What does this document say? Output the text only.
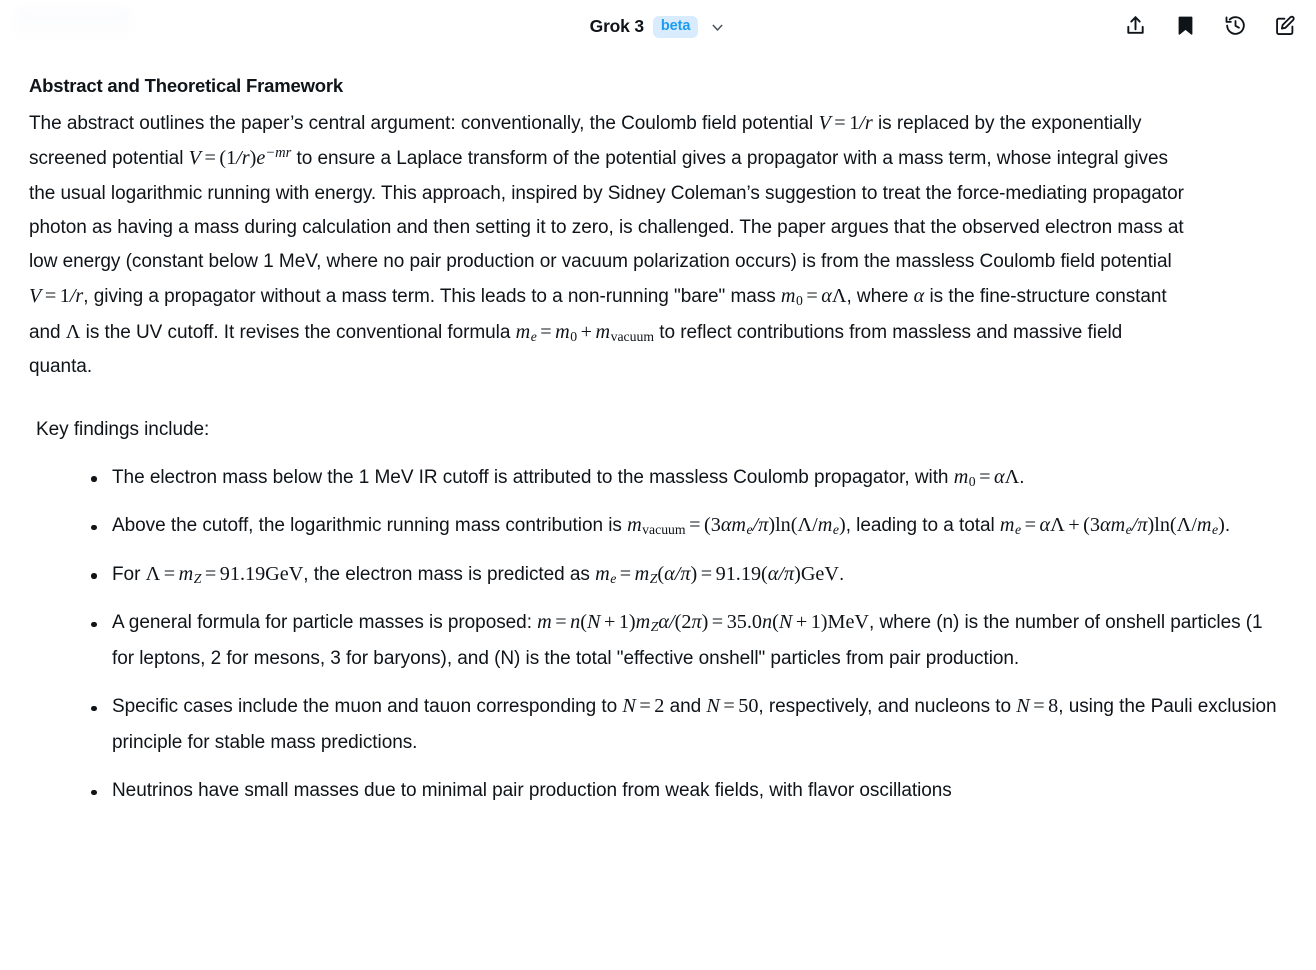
Grok 3	beta
Abstract and Theoretical Framework

The abstract outlines the paper’s central argument: conventionally, the Coulomb field potential V = 1/r is replaced by the exponentially screened potential $V = (1/r)e^{-mr}$ to ensure a Laplace transform of the potential gives a propagator with a mass term, whose integral gives the usual logarithmic running with energy. This approach, inspired by Sidney Coleman’s suggestion to treat the force-mediating propagator photon as having a mass during calculation and then setting it to zero, is challenged. The paper argues that the observed electron mass at low energy (constant below 1 MeV, where no pair production or vacuum polarization occurs) is from the massless Coulomb field potential V = 1/r, giving a propagator without a mass term. This leads to a non-running "bare" mass $m_0 = \alpha\Lambda$, where α is the fine-structure constant and Λ is the UV cutoff. It revises the conventional formula $m_e = m_0 + m_{vacuum}$ to reflect contributions from massless and massive field quanta.

Key findings include:

The electron mass below the 1 MeV IR cutoff is attributed to the massless Coulomb propagator, with $m_0 = \alpha\Lambda$.
Above the cutoff, the logarithmic running mass contribution is $m_{vacuum} = (3\alpha m_e/\pi)\ln(\Lambda/m_e)$, leading to a total $m_e = \alpha\Lambda + (3\alpha m_e/\pi)\ln(\Lambda/m_e)$.
For $\Lambda = m_Z = 91.19GeV$, the electron mass is predicted as $m_e = m_Z(\alpha/\pi) = 91.19(\alpha/\pi)GeV$.
A general formula for particle masses is proposed: $m = n(N + 1)m_Z\alpha/(2\pi) = 35.0n(N + 1)MeV$, where (n) is the number of onshell particles (1 for leptons, 2 for mesons, 3 for baryons), and (N) is the total "effective onshell" particles from pair production.
Specific cases include the muon and tauon corresponding to N = 2 and N = 50, respectively, and nucleons to N = 8, using the Pauli exclusion principle for stable mass predictions.
Neutrinos have small masses due to minimal pair production from weak fields, with flavor oscillations
